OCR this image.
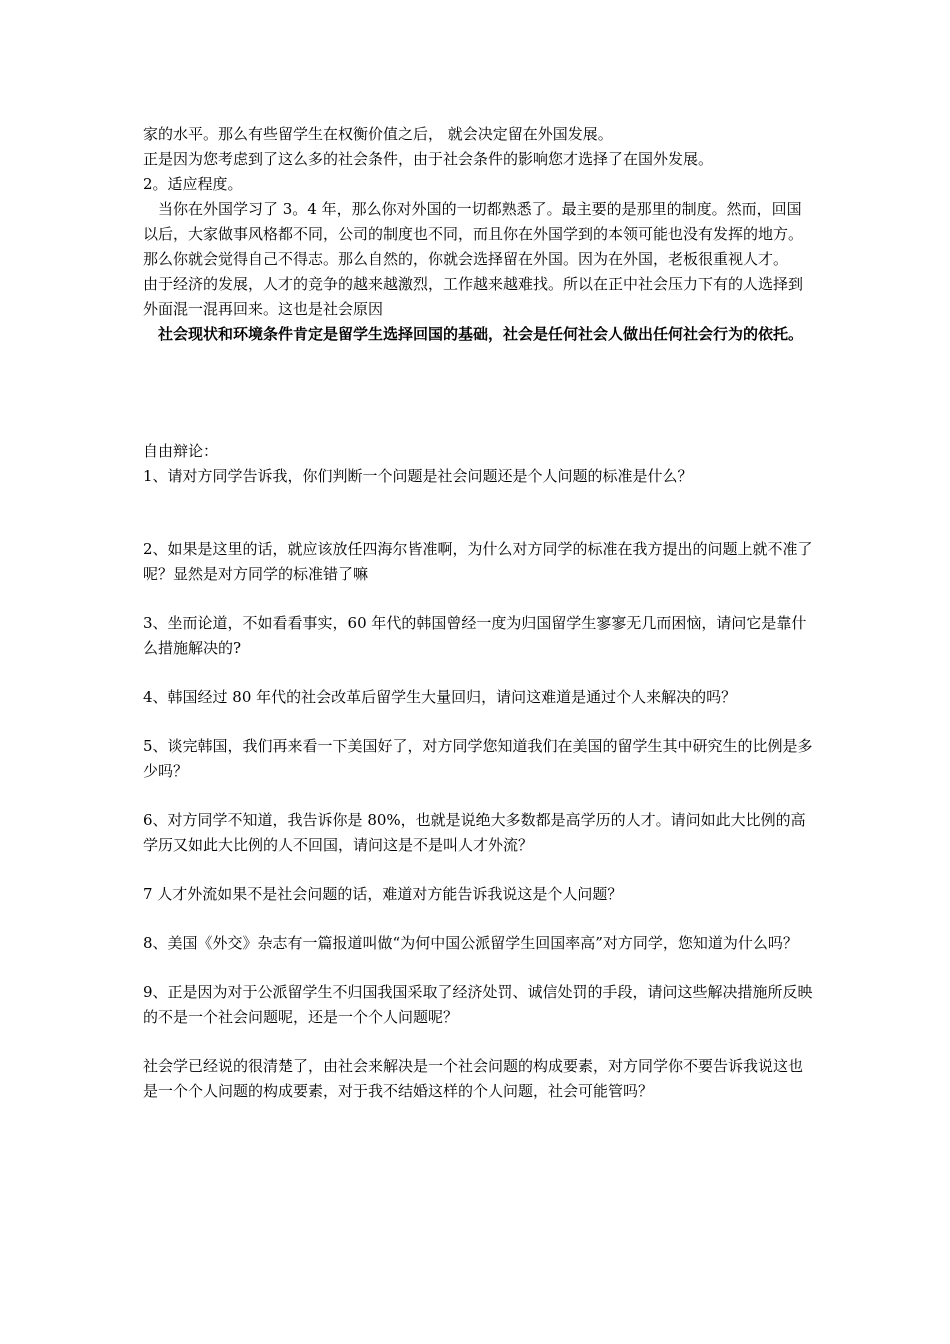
家的水平。那么有些留学生在权衡价值之后， 就会决定留在外国发展。

正是因为您考虑到了这么多的社会条件，由于社会条件的影响您才选择了在国外发展。

2。适应程度。

　当你在外国学习了 3。4 年，那么你对外国的一切都熟悉了。最主要的是那里的制度。然而，回国以后，大家做事风格都不同，公司的制度也不同，而且你在外国学到的本领可能也没有发挥的地方。那么你就会觉得自己不得志。那么自然的，你就会选择留在外国。因为在外国，老板很重视人才。

由于经济的发展，人才的竞争的越来越激烈，工作越来越难找。所以在正中社会压力下有的人选择到外面混一混再回来。这也是社会原因

　社会现状和环境条件肯定是留学生选择回国的基础，社会是任何社会人做出任何社会行为的依托。

自由辩论：

1、请对方同学告诉我，你们判断一个问题是社会问题还是个人问题的标准是什么？

2、如果是这里的话，就应该放任四海尔皆准啊，为什么对方同学的标准在我方提出的问题上就不准了呢？显然是对方同学的标准错了嘛

3、坐而论道，不如看看事实，60 年代的韩国曾经一度为归国留学生寥寥无几而困恼，请问它是靠什么措施解决的?

4、韩国经过 80 年代的社会改革后留学生大量回归，请问这难道是通过个人来解决的吗？

5、谈完韩国，我们再来看一下美国好了，对方同学您知道我们在美国的留学生其中研究生的比例是多少吗？

6、对方同学不知道，我告诉你是 80%，也就是说绝大多数都是高学历的人才。请问如此大比例的高学历又如此大比例的人不回国，请问这是不是叫人才外流？

7 人才外流如果不是社会问题的话，难道对方能告诉我说这是个人问题？

8、美国《外交》杂志有一篇报道叫做“为何中国公派留学生回国率高”对方同学，您知道为什么吗？

9、正是因为对于公派留学生不归国我国采取了经济处罚、诚信处罚的手段，请问这些解决措施所反映的不是一个社会问题呢，还是一个个人问题呢？

社会学已经说的很清楚了，由社会来解决是一个社会问题的构成要素，对方同学你不要告诉我说这也是一个个人问题的构成要素，对于我不结婚这样的个人问题，社会可能管吗？
